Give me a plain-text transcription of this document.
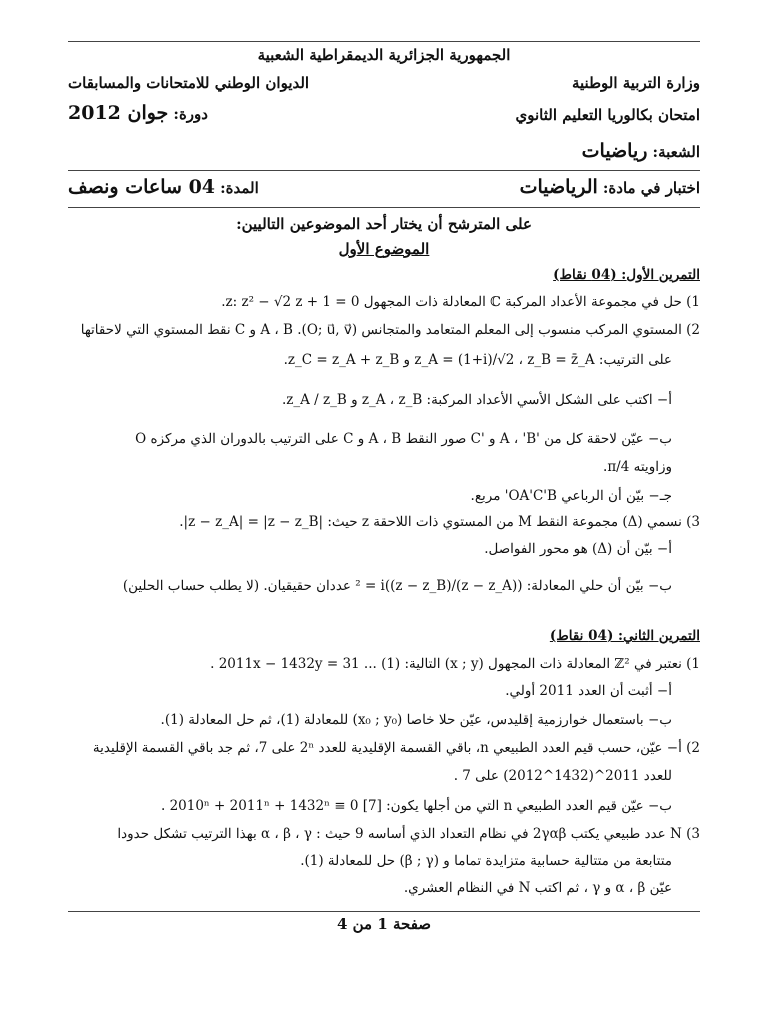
الجمهورية الجزائرية الديمقراطية الشعبية
وزارة التربية الوطنية
الديوان الوطني للامتحانات والمسابقات
امتحان بكالوريا التعليم الثانوي
دورة: جوان 2012
الشعبة: رياضيات
اختبار في مادة: الرياضيات
المدة: 04 ساعات ونصف
على المترشح أن يختار أحد الموضوعين التاليين:
الموضوع الأول
التمرين الأول: (04 نقاط)
1) حل في مجموعة الأعداد المركبة ℂ المعادلة ذات المجهول z: z² − √2 z + 1 = 0.
2) المستوي المركب منسوب إلى المعلم المتعامد والمتجانس (O; u⃗, v⃗). A ، B و C نقط المستوي التي لاحقاتها
على الترتيب: z_A = (1+i)/√2 ، z_B = z̄_A و z_C = z_A + z_B.
أ− اكتب على الشكل الأسي الأعداد المركبة: z_A ، z_B و z_A / z_B.
ب− عيّن لاحقة كل من 'A ، 'B و 'C صور النقط A ، B و C على الترتيب بالدوران الذي مركزه O
وزاويته π/4.
جـ− بيّن أن الرباعي OA'C'B' مربع.
3) نسمي (Δ) مجموعة النقط M من المستوي ذات اللاحقة z حيث: |z − z_A| = |z − z_B|.
أ− بيّن أن (Δ) هو محور الفواصل.
ب− بيّن أن حلي المعادلة: ((z − z_A)/(z − z_B))² = i عددان حقيقيان. (لا يطلب حساب الحلين)
التمرين الثاني: (04 نقاط)
1) نعتبر في ℤ² المعادلة ذات المجهول (x ; y) التالية: 2011x − 1432y = 31 ... (1) .
أ− أثبت أن العدد 2011 أولي.
ب− باستعمال خوارزمية إقليدس، عيّن حلا خاصا (x₀ ; y₀) للمعادلة (1)، ثم حل المعادلة (1).
2) أ− عيّن، حسب قيم العدد الطبيعي n، باقي القسمة الإقليدية للعدد 2ⁿ على 7، ثم جد باقي القسمة الإقليدية
للعدد 2011^(1432^2012) على 7 .
ب− عيّن قيم العدد الطبيعي n التي من أجلها يكون: 2010ⁿ + 2011ⁿ + 1432ⁿ ≡ 0 [7] .
3) N عدد طبيعي يكتب 2γαβ في نظام التعداد الذي أساسه 9 حيث : α ، β ، γ بهذا الترتيب تشكل حدودا
متتابعة من متتالية حسابية متزايدة تماما و (β ; γ) حل للمعادلة (1).
عيّن α ، β و γ ، ثم اكتب N في النظام العشري.
صفحة 1 من 4
